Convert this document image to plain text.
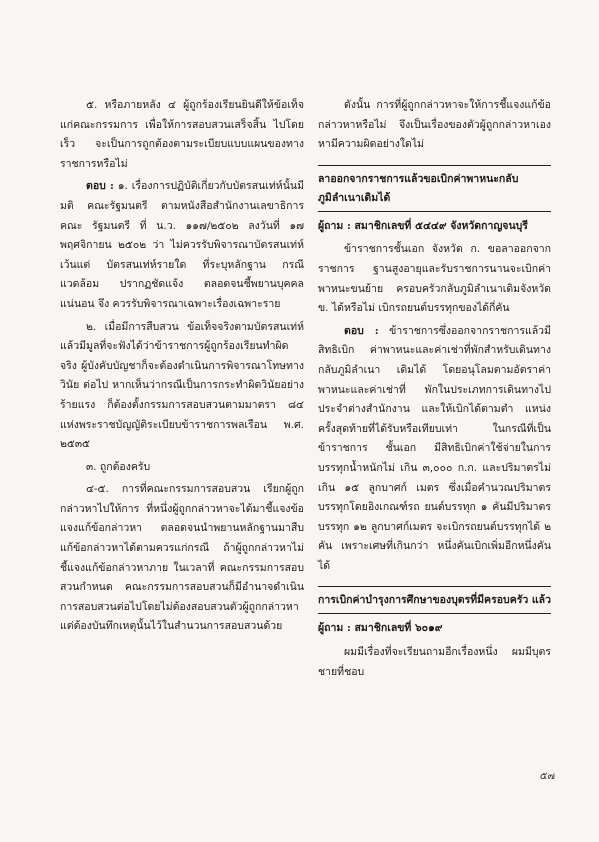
๕. หรือภายหลัง ๔ ผู้ถูกร้องเรียนยินดีให้ข้อเท็จ แก่คณะกรรมการ เพื่อให้การสอบสวนเสร็จสิ้น ไปโดย เร็ว จะเป็นการถูกต้องตามระเบียบแบบแผนของทาง ราชการหรือไม่

ตอบ : ๑. เรื่องการปฏิบัติเกี่ยวกับบัตรสนเท่ห์นั้นมีมติ คณะรัฐมนตรี ตามหนังสือสำนักงานเลขาธิการคณะ รัฐมนตรี ที่ น.ว. ๑๑๗/๒๕๐๒ ลงวันที่ ๑๗ พฤศจิกายน ๒๕๐๒ ว่า ไม่ควรรับพิจารณาบัตรสนเท่ห์ เว้นแต่ บัตรสนเท่ห์รายใด ที่ระบุหลักฐาน กรณี แวดล้อม ปรากฏชัดแจ้ง ตลอดจนชี้พยานบุคคลแน่นอน จึง ควรรับพิจารณาเฉพาะเรื่องเฉพาะราย

๒. เมื่อมีการสืบสวน ข้อเท็จจริงตามบัตรสนเท่ห์ แล้วมีมูลที่จะฟังได้ว่าข้าราชการผู้ถูกร้องเรียนทำผิดจริง ผู้บังคับบัญชาก็จะต้องดำเนินการพิจารณาโทษทางวินัย ต่อไป หากเห็นว่ากรณีเป็นการกระทำผิดวินัยอย่าง ร้ายแรง ก็ต้องตั้งกรรมการสอบสวนตามมาตรา ๘๔ แห่งพระราชบัญญัติระเบียบข้าราชการพลเรือน พ.ศ. ๒๕๓๕

๓. ถูกต้องครับ

๔-๕. การที่คณะกรรมการสอบสวน เรียกผู้ถูก กล่าวหาไปให้การ ที่หนึ่งผู้ถูกกล่าวหาจะได้มาชี้แจงข้อ แจงแก้ข้อกล่าวหา ตลอดจนนำพยานหลักฐานมาสืบ แก้ข้อกล่าวหาได้ตามควรแก่กรณี ถ้าผู้ถูกกล่าวหาไม่ ชี้แจงแก้ข้อกล่าวหาภาย ในเวลาที่ คณะกรรมการสอบ สวนกำหนด คณะกรรมการสอบสวนก็มีอำนาจดำเนิน การสอบสวนต่อไปโดยไม่ต้องสอบสวนตัวผู้ถูกกล่าวหา แต่ต้องบันทึกเหตุนั้นไว้ในสำนวนการสอบสวนด้วย

ดังนั้น การที่ผู้ถูกกล่าวหาจะให้การชี้แจงแก้ข้อ กล่าวหาหรือไม่ จึงเป็นเรื่องของตัวผู้ถูกกล่าวหาเอง หามีความผิดอย่างใดไม่

ลาออกจากราชการแล้วขอเบิกค่าพาหนะกลับ ภูมิลำเนาเดิมได้

ผู้ถาม : สมาชิกเลขที่ ๕๔๔๙ จังหวัดกาญจนบุรี

ข้าราชการชั้นเอก จังหวัด ก. ขอลาออกจากราชการ ฐานสูงอายุและรับราชการนานจะเบิกค่าพาหนะขนย้าย ครอบครัวกลับภูมิลำเนาเดิมจังหวัด ข. ได้หรือไม่ เบิกรถยนต์บรรทุกของได้กี่คัน

ตอบ : ข้าราชการซึ่งออกจากราชการแล้วมีสิทธิเบิก ค่าพาหนะและค่าเช่าที่พักสำหรับเดินทางกลับภูมิลำเนา เดิมได้ โดยอนุโลมตามอัตราค่าพาหนะและค่าเช่าที่ พักในประเภทการเดินทางไปประจำต่างสำนักงาน และให้เบิกได้ตามตำ แหน่งครั้งสุดท้ายที่ได้รับหรือเทียบเท่า ในกรณีที่เป็นข้าราชการ ชั้นเอก มีสิทธิเบิกค่าใช้จ่ายในการบรรทุกน้ำหนักไม่ เกิน ๓,๐๐๐ ก.ก. และปริมาตรไม่เกิน ๑๕ ลูกบาศก์ เมตร ซึ่งเมื่อคำนวณปริมาตรบรรทุกโดยอิงเกณฑ์รถ ยนต์บรรทุก ๑ คันมีปริมาตรบรรทุก ๑๒ ลูกบาศก์เมตร จะเบิกรถยนต์บรรทุกได้ ๒ คัน เพราะเศษที่เกินกว่า หนึ่งคันเบิกเพิ่มอีกหนึ่งคันได้

การเบิกค่าบำรุงการศึกษาของบุตรที่มีครอบครัว แล้ว

ผู้ถาม : สมาชิกเลขที่ ๖๐๑๙

ผมมีเรื่องที่จะเรียนถามอีกเรื่องหนึ่ง ผมมีบุตรชายที่ชอบ

๕๗
